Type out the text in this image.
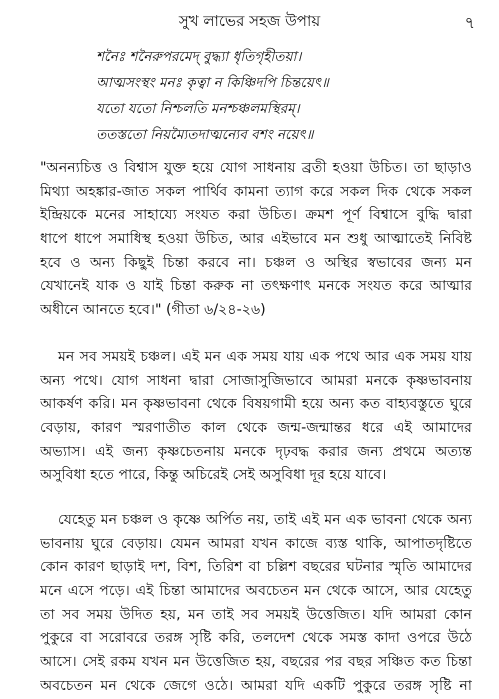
সুখ লাভের সহজ উপায়	৭
শনৈঃ শনৈরুপরমেদ্‌ বুদ্ধ্যা ধৃতিগৃহীতয়া।
আত্মসংস্থং মনঃ কৃত্বা ন কিঞ্চিদপি চিন্তয়েৎ॥
যতো যতো নিশ্চলতি মনশ্চঞ্চলমস্থিরম্‌।
ততস্ততো নিয়ম্যৈতদাত্মন্যেব বশং নয়েৎ॥
"অনন্যচিত্ত ও বিশ্বাস যুক্ত হয়ে যোগ সাধনায় ব্রতী হওয়া উচিত। তা ছাড়াও
মিথ্যা অহঙ্কার-জাত সকল পার্থিব কামনা ত্যাগ করে সকল দিক থেকে সকল
ইন্দ্রিয়কে মনের সাহায্যে সংযত করা উচিত। ক্রমশ পূর্ণ বিশ্বাসে বুদ্ধি দ্বারা
ধাপে ধাপে সমাধিস্থ হওয়া উচিত, আর এইভাবে মন শুধু আত্মাতেই নিবিষ্ট
হবে ও অন্য কিছুই চিন্তা করবে না। চঞ্চল ও অস্থির স্বভাবের জন্য মন
যেখানেই যাক ও যাই চিন্তা করুক না তৎক্ষণাৎ মনকে সংযত করে আত্মার
অধীনে আনতে হবে।" (গীতা ৬/২৪-২৬)
মন সব সময়ই চঞ্চল। এই মন এক সময় যায় এক পথে আর এক সময় যায়
অন্য পথে। যোগ সাধনা দ্বারা সোজাসুজিভাবে আমরা মনকে কৃষ্ণভাবনায়
আকর্ষণ করি। মন কৃষ্ণভাবনা থেকে বিষয়গামী হয়ে অন্য কত বাহ্যবস্তুতে ঘুরে
বেড়ায়, কারণ স্মরণাতীত কাল থেকে জন্ম-জন্মান্তর ধরে এই আমাদের
অভ্যাস। এই জন্য কৃষ্ণচেতনায় মনকে দৃঢ়বদ্ধ করার জন্য প্রথমে অত্যন্ত
অসুবিধা হতে পারে, কিন্তু অচিরেই সেই অসুবিধা দূর হয়ে যাবে।
যেহেতু মন চঞ্চল ও কৃষ্ণে অর্পিত নয়, তাই এই মন এক ভাবনা থেকে অন্য
ভাবনায় ঘুরে বেড়ায়। যেমন আমরা যখন কাজে ব্যস্ত থাকি, আপাতদৃষ্টিতে
কোন কারণ ছাড়াই দশ, বিশ, তিরিশ বা চল্লিশ বছরের ঘটনার স্মৃতি আমাদের
মনে এসে পড়ে। এই চিন্তা আমাদের অবচেতন মন থেকে আসে, আর যেহেতু
তা সব সময় উদিত হয়, মন তাই সব সময়ই উত্তেজিত। যদি আমরা কোন
পুকুরে বা সরোবরে তরঙ্গ সৃষ্টি করি, তলদেশ থেকে সমস্ত কাদা ওপরে উঠে
আসে। সেই রকম যখন মন উত্তেজিত হয়, বছরের পর বছর সঞ্চিত কত চিন্তা
অবচেতন মন থেকে জেগে ওঠে। আমরা যদি একটি পুকুরে তরঙ্গ সৃষ্টি না
